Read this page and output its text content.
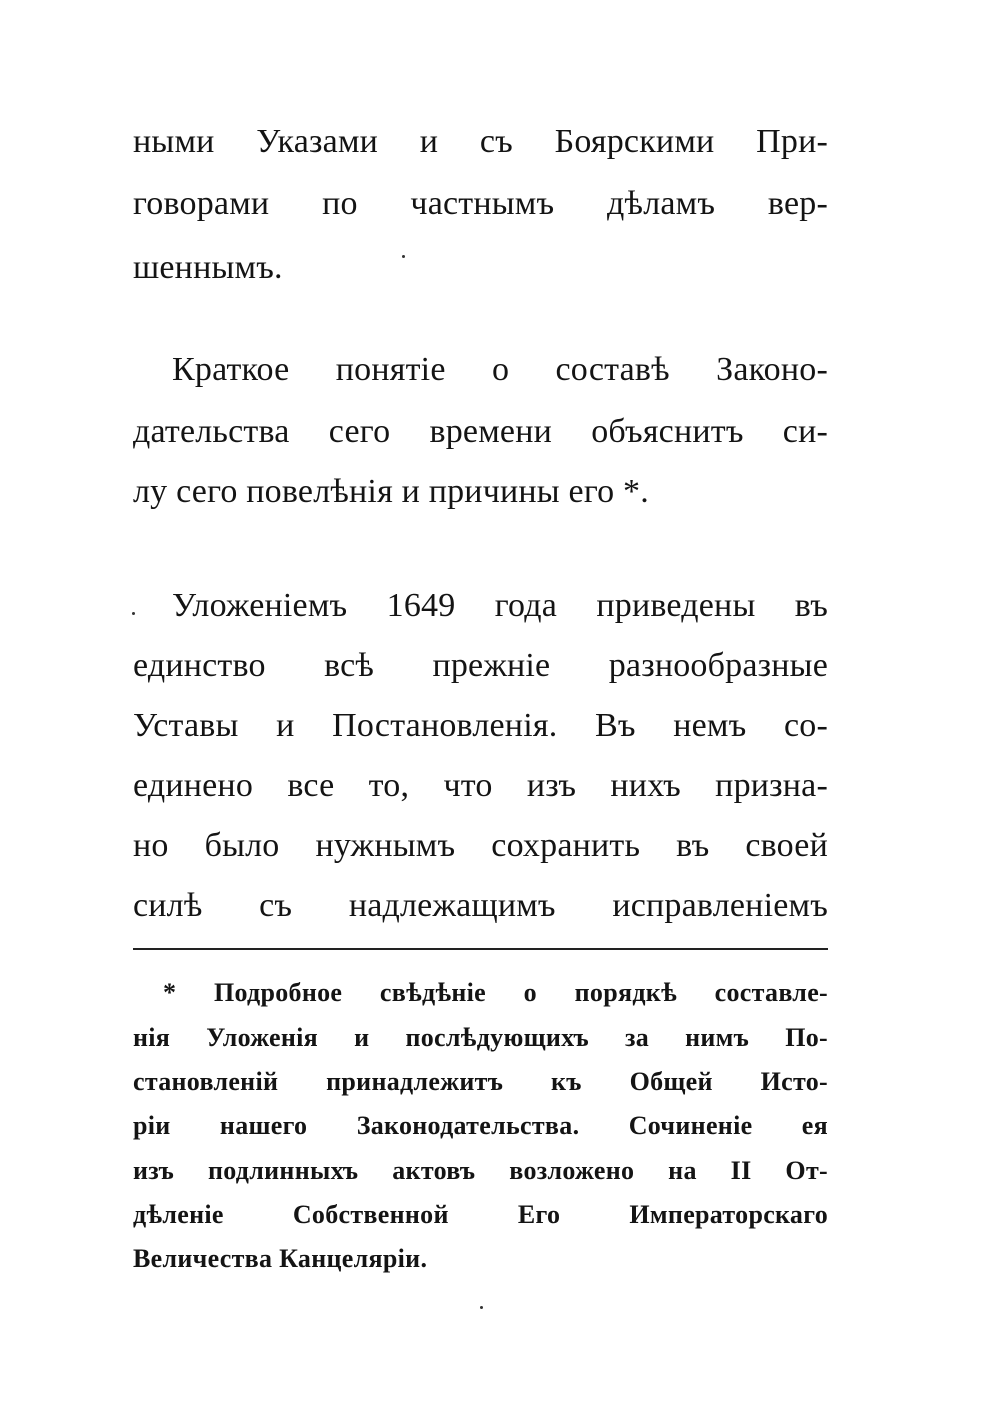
ными Указами и съ Боярскими При-
говорами по частнымъ дѣламъ вер-
шеннымъ.
Краткое понятіе о составѣ Законо-
дательства сего времени объяснитъ си-
лу сего повелѣнія и причины его *.
Уложеніемъ 1649 года приведены въ
единство всѣ прежніе разнообразные
Уставы и Постановленія. Въ немъ со-
единено все то, что изъ нихъ призна-
но было нужнымъ сохранить въ своей
силѣ съ надлежащимъ исправленіемъ
* Подробное свѣдѣніе о порядкѣ составле-
нія Уложенія и послѣдующихъ за нимъ По-
становленій принадлежитъ къ Общей Исто-
ріи нашего Законодательства. Сочиненіе ея
изъ подлинныхъ актовъ возложено на II От-
дѣленіе Собственной Его Императорскаго
Величества Канцеляріи.
